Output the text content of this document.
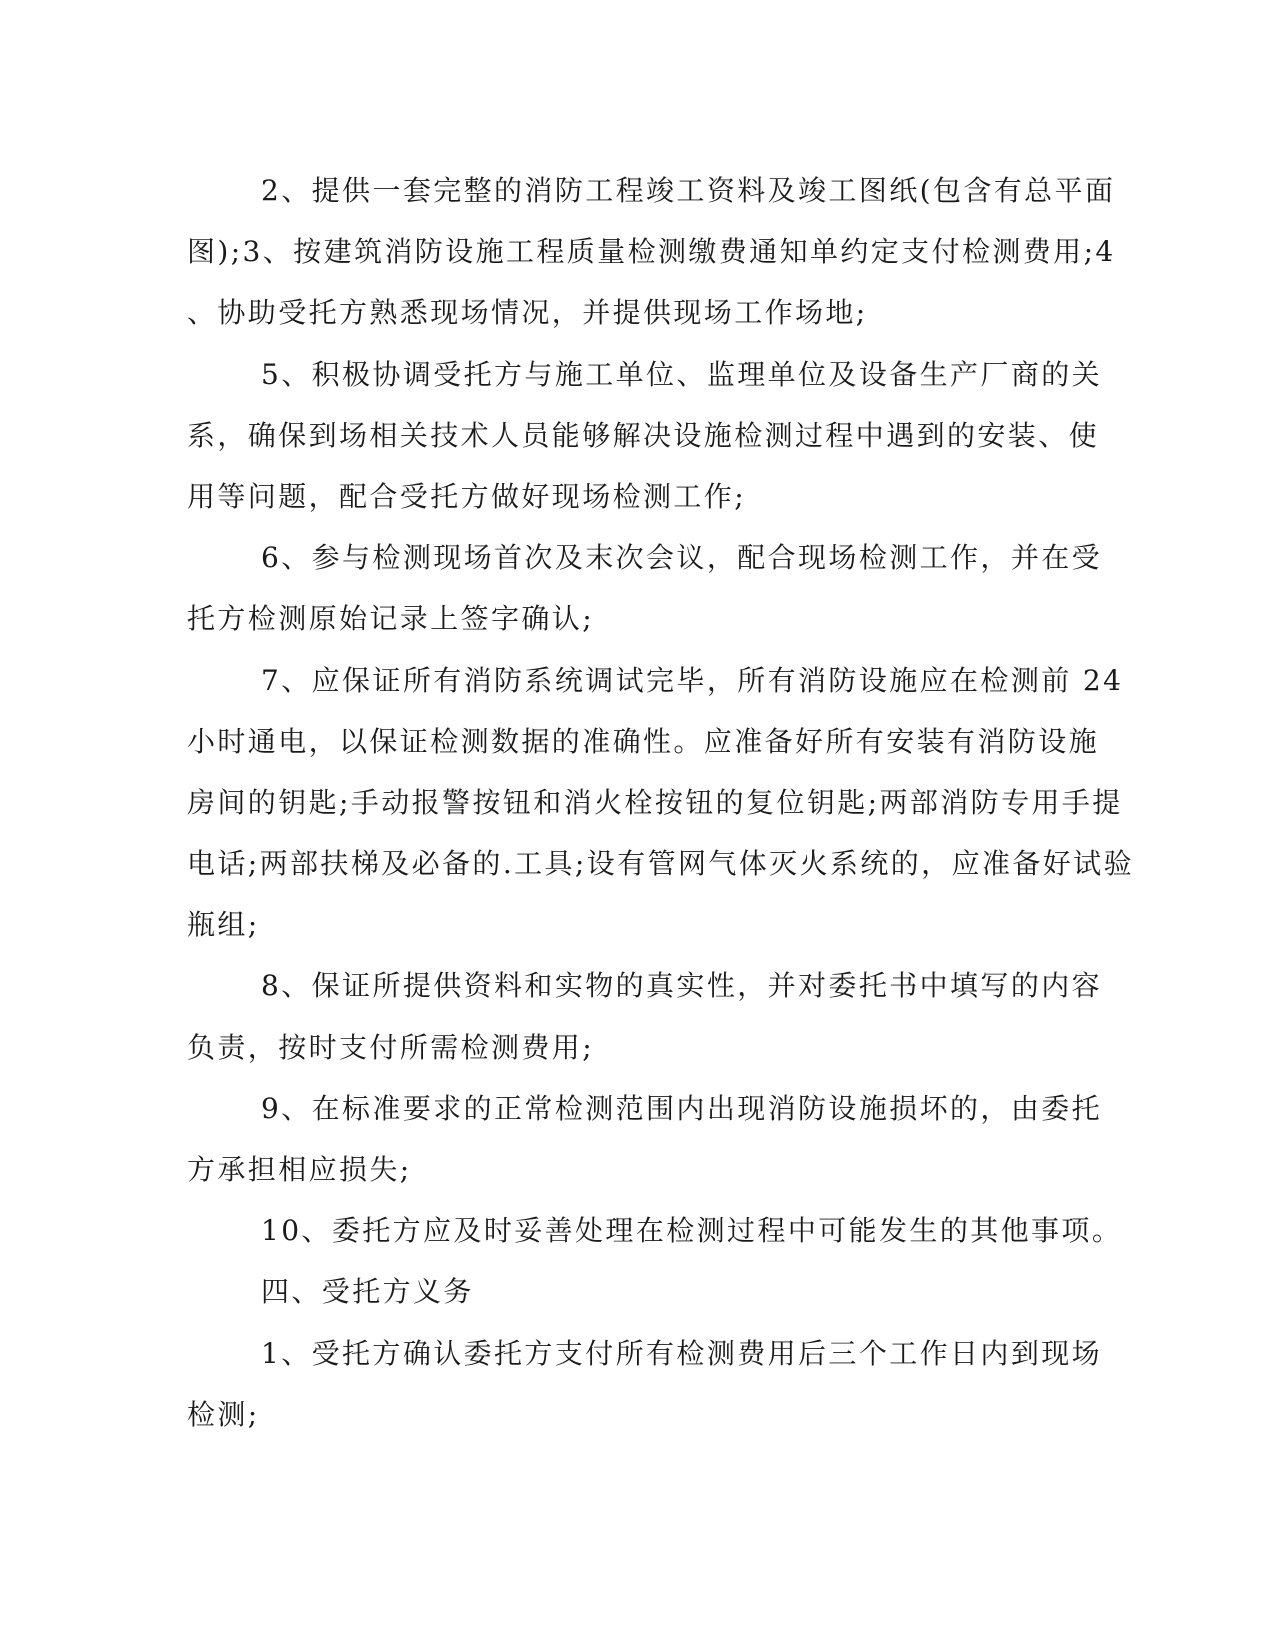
2、提供一套完整的消防工程竣工资料及竣工图纸(包含有总平面
图);3、按建筑消防设施工程质量检测缴费通知单约定支付检测费用;4
、协助受托方熟悉现场情况，并提供现场工作场地;
5、积极协调受托方与施工单位、监理单位及设备生产厂商的关
系，确保到场相关技术人员能够解决设施检测过程中遇到的安装、使
用等问题，配合受托方做好现场检测工作;
6、参与检测现场首次及末次会议，配合现场检测工作，并在受
托方检测原始记录上签字确认;
7、应保证所有消防系统调试完毕，所有消防设施应在检测前 24
小时通电，以保证检测数据的准确性。应准备好所有安装有消防设施
房间的钥匙;手动报警按钮和消火栓按钮的复位钥匙;两部消防专用手提
电话;两部扶梯及必备的.工具;设有管网气体灭火系统的，应准备好试验
瓶组;
8、保证所提供资料和实物的真实性，并对委托书中填写的内容
负责，按时支付所需检测费用;
9、在标准要求的正常检测范围内出现消防设施损坏的，由委托
方承担相应损失;
10、委托方应及时妥善处理在检测过程中可能发生的其他事项。
四、受托方义务
1、受托方确认委托方支付所有检测费用后三个工作日内到现场
检测;
